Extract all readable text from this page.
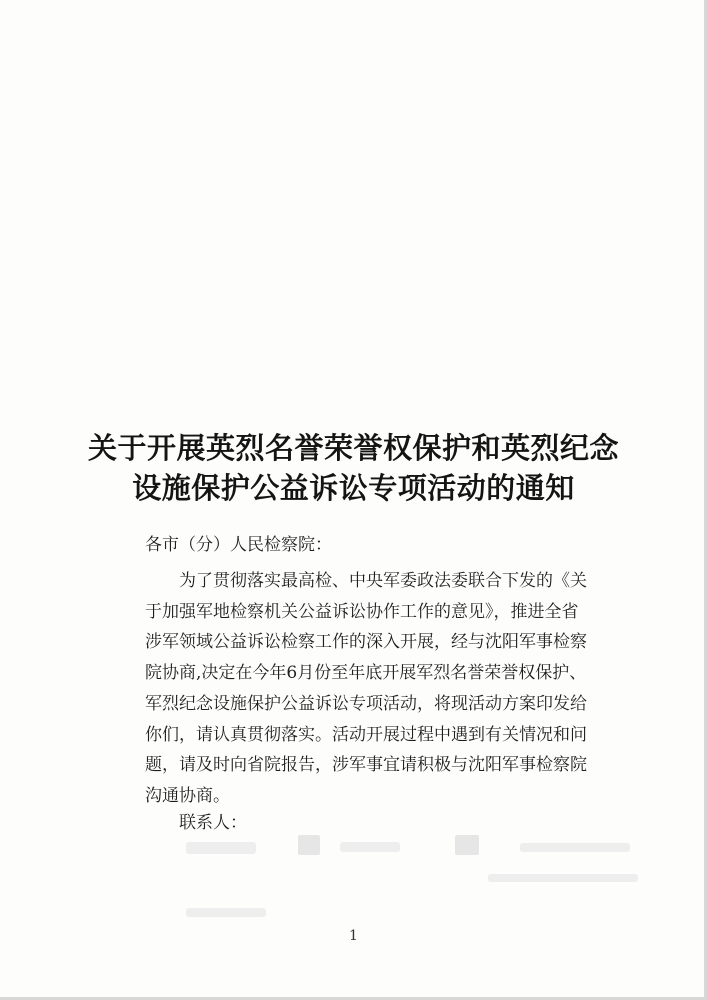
关于开展英烈名誉荣誉权保护和英烈纪念
设施保护公益诉讼专项活动的通知
各市（分）人民检察院：
为了贯彻落实最高检、中央军委政法委联合下发的《关
于加强军地检察机关公益诉讼协作工作的意见》，推进全省
涉军领域公益诉讼检察工作的深入开展，经与沈阳军事检察
院协商,决定在今年6月份至年底开展军烈名誉荣誉权保护、
军烈纪念设施保护公益诉讼专项活动，将现活动方案印发给
你们，请认真贯彻落实。活动开展过程中遇到有关情况和问
题，请及时向省院报告，涉军事宜请积极与沈阳军事检察院
沟通协商。
联系人：
1
